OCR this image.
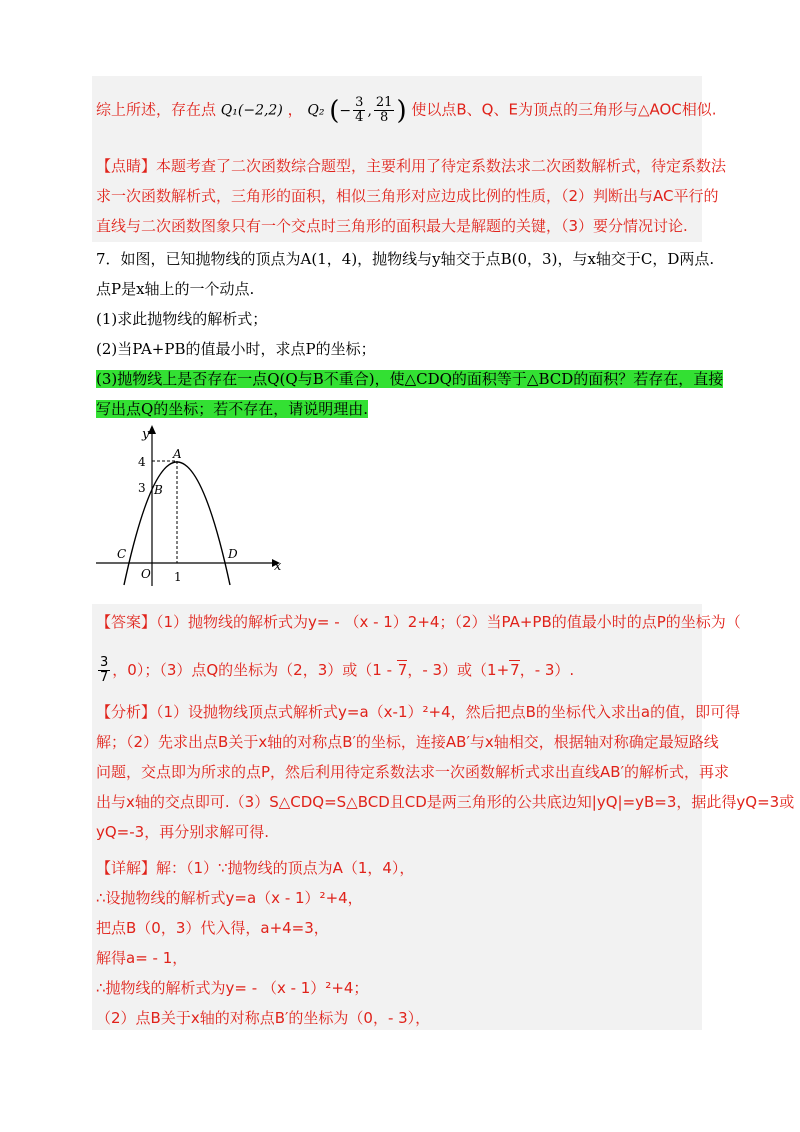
综上所述，存在点 Q₁(−2,2) ， Q₂ (− $\frac{3}{4}$ , $\frac{21}{8}$ ) 使以点B、Q、E为顶点的三角形与△AOC相似.
【点睛】本题考查了二次函数综合题型，主要利用了待定系数法求二次函数解析式，待定系数法
求一次函数解析式，三角形的面积，相似三角形对应边成比例的性质，（2）判断出与AC平行的
直线与二次函数图象只有一个交点时三角形的面积最大是解题的关键，（3）要分情况讨论.
7．如图，已知抛物线的顶点为A(1，4)，抛物线与y轴交于点B(0，3)，与x轴交于C，D两点.
点P是x轴上的一个动点.
(1)求此抛物线的解析式；
(2)当PA+PB的值最小时，求点P的坐标；
(3)抛物线上是否存在一点Q(Q与B不重合)，使△CDQ的面积等于△BCD的面积？若存在，直接
写出点Q的坐标；若不存在，请说明理由.
y
x
4
3
1
A
B
C	D
O
【答案】（1）抛物线的解析式为y= - （x - 1）2+4；（2）当PA+PB的值最小时的点P的坐标为（
$\frac{3}{7}$ ，0）；（3）点Q的坐标为（2，3）或（1 - 7，- 3）或（1+7，- 3）.
【分析】（1）设抛物线顶点式解析式y=a（x-1）²+4，然后把点B的坐标代入求出a的值，即可得
解；（2）先求出点B关于x轴的对称点B′的坐标，连接AB′与x轴相交，根据轴对称确定最短路线
问题，交点即为所求的点P，然后利用待定系数法求一次函数解析式求出直线AB′的解析式，再求
出与x轴的交点即可.（3）S△CDQ=S△BCD且CD是两三角形的公共底边知|yQ|=yB=3，据此得yQ=3或
yQ=-3，再分别求解可得.
【详解】解：（1）∵抛物线的顶点为A（1，4），
∴设抛物线的解析式y=a（x - 1）²+4，
把点B（0，3）代入得，a+4=3，
解得a= - 1，
∴抛物线的解析式为y= - （x - 1）²+4；
（2）点B关于x轴的对称点B′的坐标为（0，- 3），
